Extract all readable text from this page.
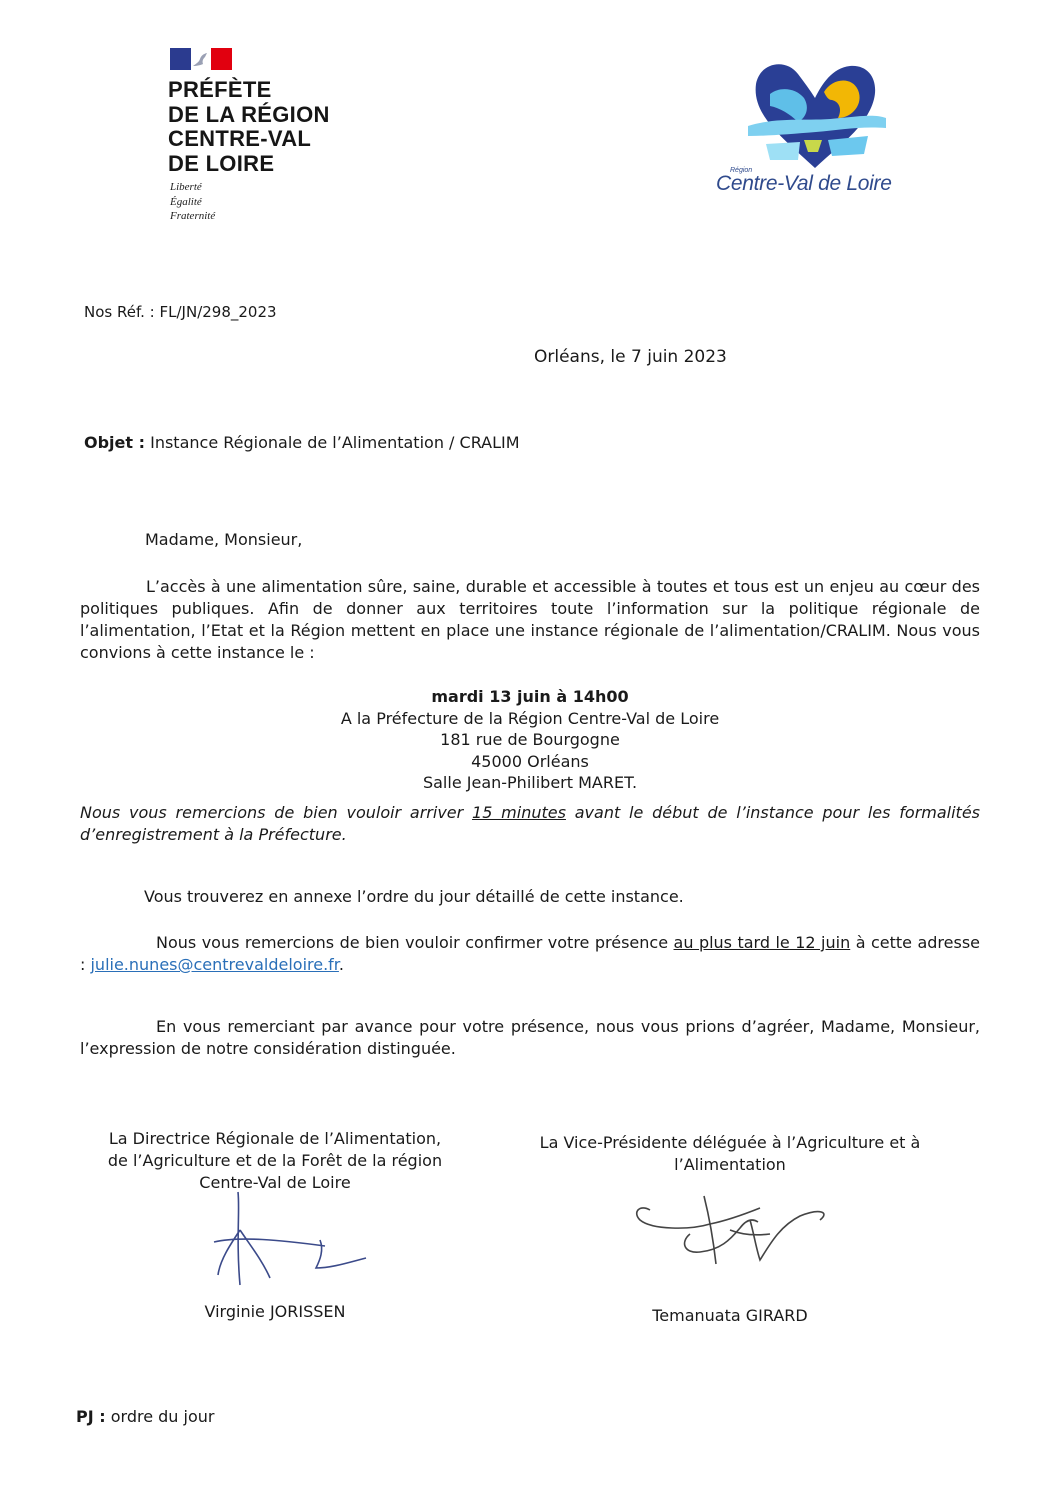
PRÉFÈTE
DE LA RÉGION
CENTRE-VAL
DE LOIRE
Liberté
Égalité
Fraternité
Région
Centre-Val de Loire
Nos Réf. : FL/JN/298_2023
Orléans, le 7 juin 2023
Objet : Instance Régionale de l’Alimentation / CRALIM
Madame, Monsieur,
L’accès à une alimentation sûre, saine, durable et accessible à toutes et tous est un enjeu au cœur des politiques publiques. Afin de donner aux territoires toute l’information sur la politique régionale de l’alimentation, l’Etat et la Région mettent en place une instance régionale de l’alimentation/CRALIM. Nous vous convions à cette instance le :
mardi 13 juin à 14h00
A la Préfecture de la Région Centre-Val de Loire
181 rue de Bourgogne
45000 Orléans
Salle Jean-Philibert MARET.
Nous vous remercions de bien vouloir arriver 15 minutes avant le début de l’instance pour les formalités d’enregistrement à la Préfecture.
Vous trouverez en annexe l’ordre du jour détaillé de cette instance.
Nous vous remercions de bien vouloir confirmer votre présence au plus tard le 12 juin à cette adresse : julie.nunes@centrevaldeloire.fr.
En vous remerciant par avance pour votre présence, nous vous prions d’agréer, Madame, Monsieur, l’expression de notre considération distinguée.
La Directrice Régionale de l’Alimentation,
de l’Agriculture et de la Forêt de la région
Centre-Val de Loire
La Vice-Présidente déléguée à l’Agriculture et à
l’Alimentation
Virginie JORISSEN	Temanuata GIRARD
PJ : ordre du jour
